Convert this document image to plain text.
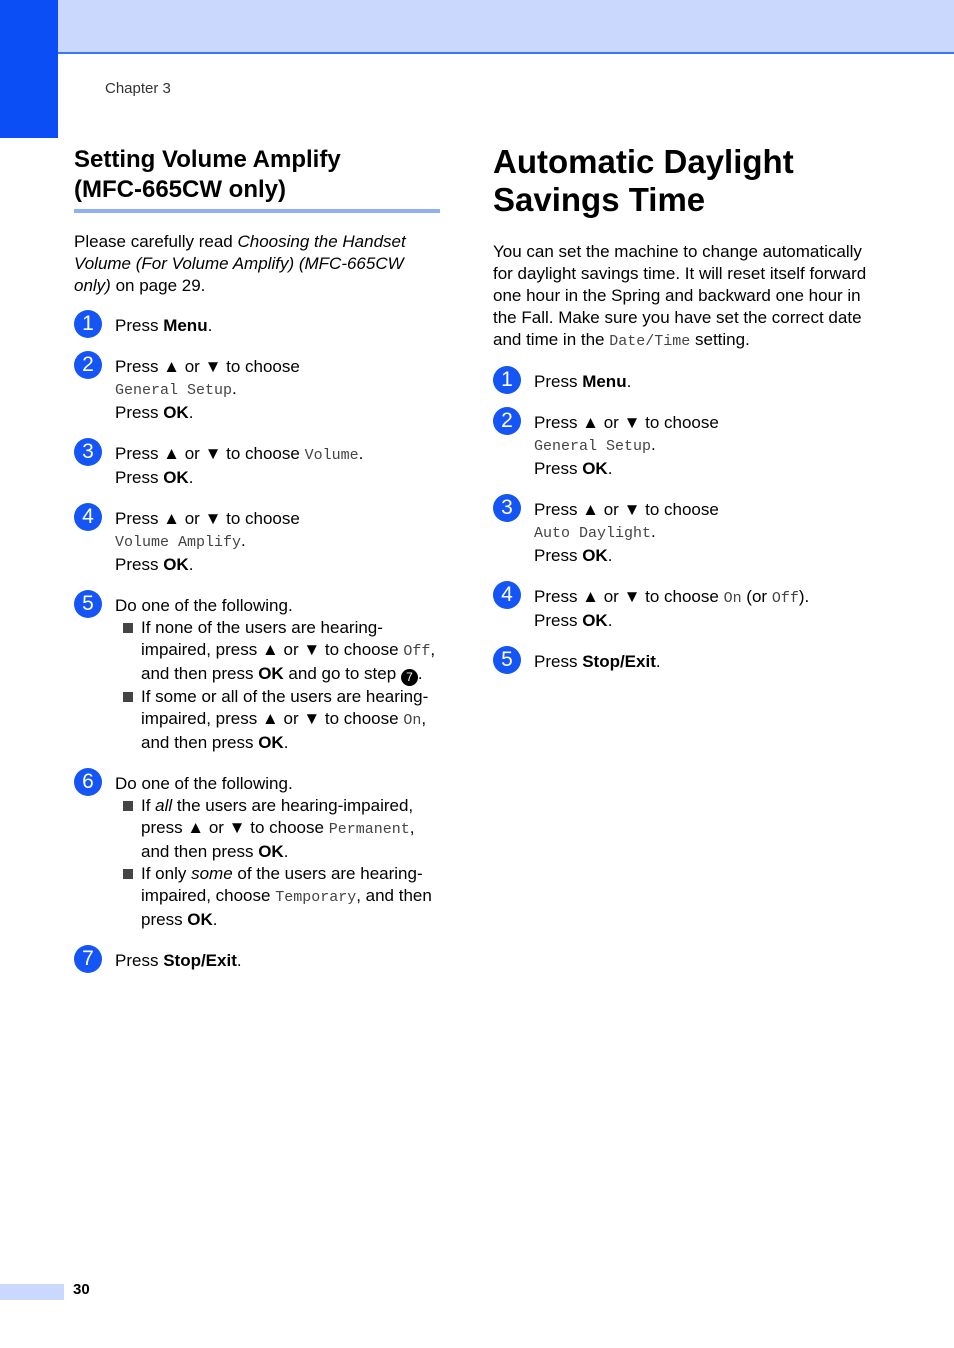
Chapter 3
Setting Volume Amplify
(MFC-665CW only)
Please carefully read Choosing the Handset Volume (For Volume Amplify) (MFC-665CW only) on page 29.
1	Press Menu.
2	Press ▲ or ▼ to choose
General Setup.
Press OK.
3	Press ▲ or ▼ to choose Volume.
Press OK.
4	Press ▲ or ▼ to choose
Volume Amplify.
Press OK.
5	Do one of the following.
If none of the users are hearing-impaired, press ▲ or ▼ to choose Off, and then press OK and go to step 7 .
If some or all of the users are hearing-impaired, press ▲ or ▼ to choose On, and then press OK.
6	Do one of the following.
If all the users are hearing-impaired, press ▲ or ▼ to choose Permanent, and then press OK.
If only some of the users are hearing-impaired, choose Temporary, and then press OK.
7	Press Stop/Exit.
Automatic Daylight
Savings Time
You can set the machine to change automatically for daylight savings time. It will reset itself forward one hour in the Spring and backward one hour in the Fall. Make sure you have set the correct date and time in the Date/Time setting.
1	Press Menu.
2	Press ▲ or ▼ to choose
General Setup.
Press OK.
3	Press ▲ or ▼ to choose
Auto Daylight.
Press OK.
4	Press ▲ or ▼ to choose On (or Off).
Press OK.
5	Press Stop/Exit.
30
